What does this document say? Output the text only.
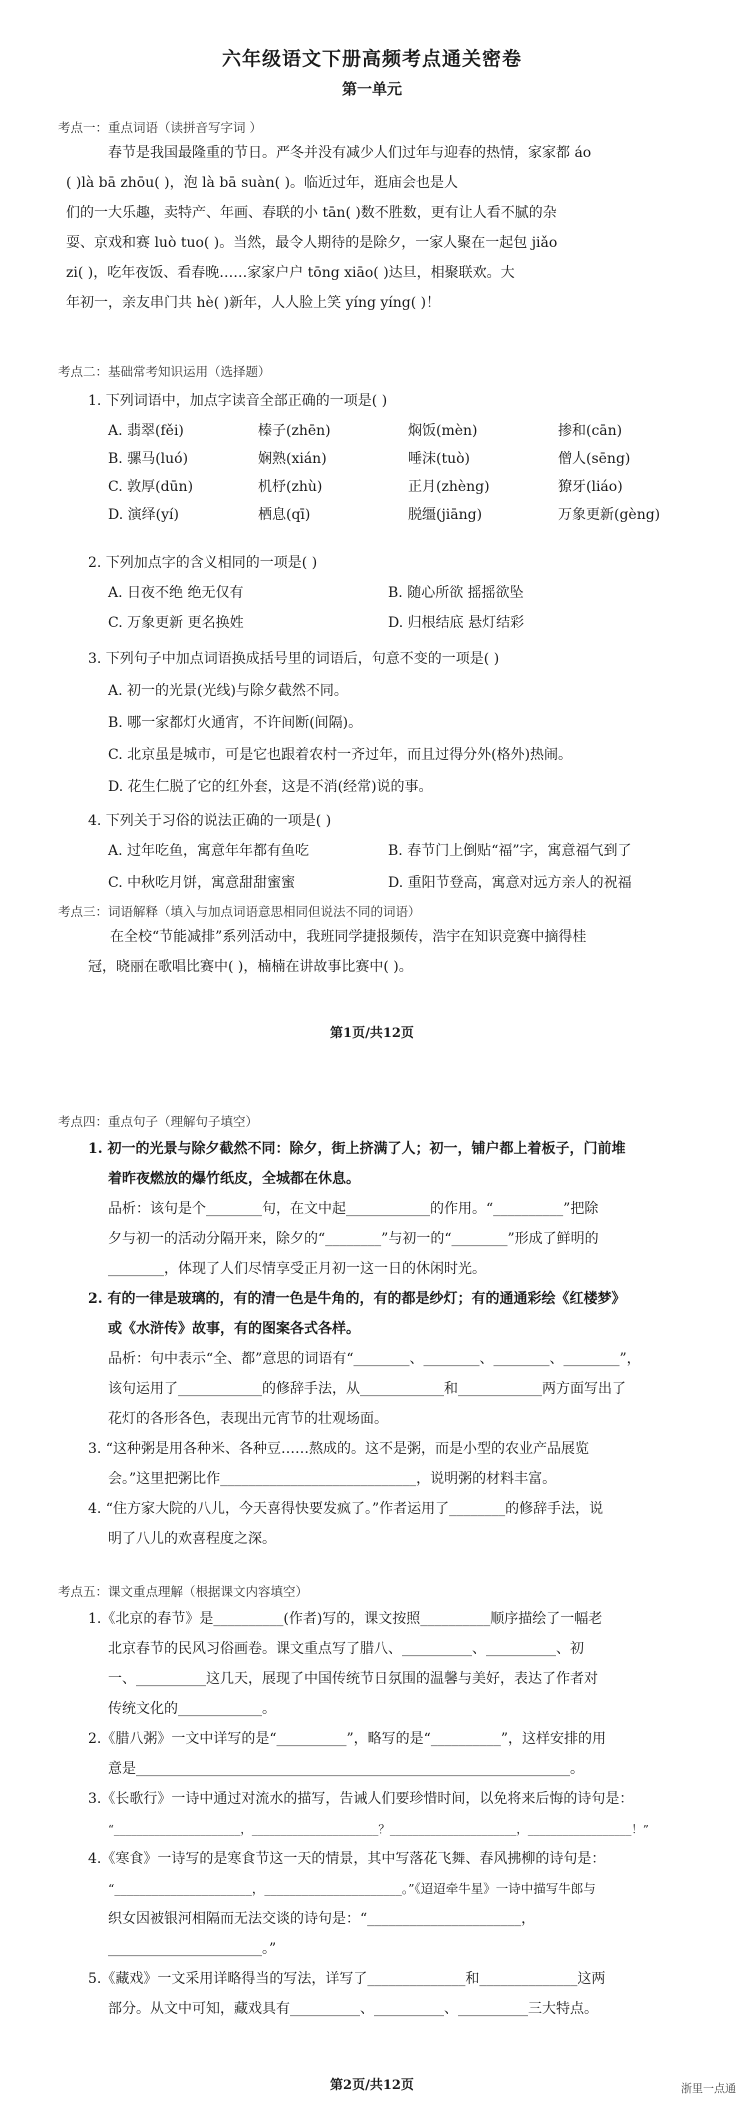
六年级语文下册高频考点通关密卷
第一单元
考点一：重点词语（读拼音写字词 ）

春节是我国最隆重的节日。严冬并没有减少人们过年与迎春的热情，家家都 áo

( )là bā zhōu( )，泡 là bā suàn( )。临近过年，逛庙会也是人

们的一大乐趣，卖特产、年画、春联的小 tān( )数不胜数，更有让人看不腻的杂

耍、京戏和赛 luò tuo( )。当然，最令人期待的是除夕，一家人聚在一起包 jiǎo

zi( )，吃年夜饭、看春晚……家家户户 tōng xiāo( )达旦，相聚联欢。大

年初一，亲友串门共 hè( )新年，人人脸上笑 yíng yíng( )！

考点二：基础常考知识运用（选择题）
1. 下列词语中，加点字读音全部正确的一项是( )
A. 翡翠(fěi)	榛子(zhēn)	焖饭(mèn)	掺和(cān)
B. 骡马(luó)	娴熟(xián)	唾沫(tuò)	僧人(sēng)
C. 敦厚(dūn)	机杼(zhù)	正月(zhèng)	獠牙(liáo)
D. 演绎(yí)	栖息(qī)	脱缰(jiāng)	万象更新(gèng)
2. 下列加点字的含义相同的一项是( )
A. 日夜不绝 绝无仅有	B. 随心所欲 摇摇欲坠
C. 万象更新 更名换姓	D. 归根结底 悬灯结彩
3. 下列句子中加点词语换成括号里的词语后，句意不变的一项是( )
A. 初一的光景(光线)与除夕截然不同。
B. 哪一家都灯火通宵，不许间断(间隔)。
C. 北京虽是城市，可是它也跟着农村一齐过年，而且过得分外(格外)热闹。
D. 花生仁脱了它的红外套，这是不消(经常)说的事。
4. 下列关于习俗的说法正确的一项是( )
A. 过年吃鱼，寓意年年都有鱼吃	B. 春节门上倒贴“福”字，寓意福气到了
C. 中秋吃月饼，寓意甜甜蜜蜜	D. 重阳节登高，寓意对远方亲人的祝福
考点三：词语解释（填入与加点词语意思相同但说法不同的词语）

在全校“节能减排”系列活动中，我班同学捷报频传，浩宇在知识竞赛中摘得桂

冠，晓丽在歌唱比赛中( )，楠楠在讲故事比赛中( )。

第1页/共12页
考点四：重点句子（理解句子填空）

1. 初一的光景与除夕截然不同：除夕，街上挤满了人；初一，铺户都上着板子，门前堆

着昨夜燃放的爆竹纸皮，全城都在休息。

品析：该句是个________句，在文中起____________的作用。“__________”把除

夕与初一的活动分隔开来，除夕的“________”与初一的“________”形成了鲜明的

________，体现了人们尽情享受正月初一这一日的休闲时光。

2. 有的一律是玻璃的，有的清一色是牛角的，有的都是纱灯；有的通通彩绘《红楼梦》

或《水浒传》故事，有的图案各式各样。

品析：句中表示“全、都”意思的词语有“________、________、________、________”，

该句运用了____________的修辞手法，从____________和____________两方面写出了

花灯的各形各色，表现出元宵节的壮观场面。

3. “这种粥是用各种米、各种豆……熬成的。这不是粥，而是小型的农业产品展览

会。”这里把粥比作____________________________，说明粥的材料丰富。

4. “住方家大院的八儿，今天喜得快要发疯了。”作者运用了________的修辞手法，说

明了八儿的欢喜程度之深。

考点五：课文重点理解（根据课文内容填空）

1.《北京的春节》是__________(作者)写的，课文按照__________顺序描绘了一幅老

北京春节的民风习俗画卷。课文重点写了腊八、__________、__________、初

一、__________这几天，展现了中国传统节日氛围的温馨与美好，表达了作者对

传统文化的____________。

2.《腊八粥》一文中详写的是“__________”，略写的是“__________”，这样安排的用

意是______________________________________________________________。

3.《长歌行》一诗中通过对流水的描写，告诫人们要珍惜时间，以免将来后悔的诗句是：

“______________________，______________________？______________________，__________________！”

4.《寒食》一诗写的是寒食节这一天的情景，其中写落花飞舞、春风拂柳的诗句是：

“______________________，______________________。”《迢迢牵牛星》一诗中描写牛郎与

织女因被银河相隔而无法交谈的诗句是：“______________________，

______________________。”

5.《藏戏》一文采用详略得当的写法，详写了______________和______________这两

部分。从文中可知，藏戏具有__________、__________、__________三大特点。

第2页/共12页	浙里一点通
